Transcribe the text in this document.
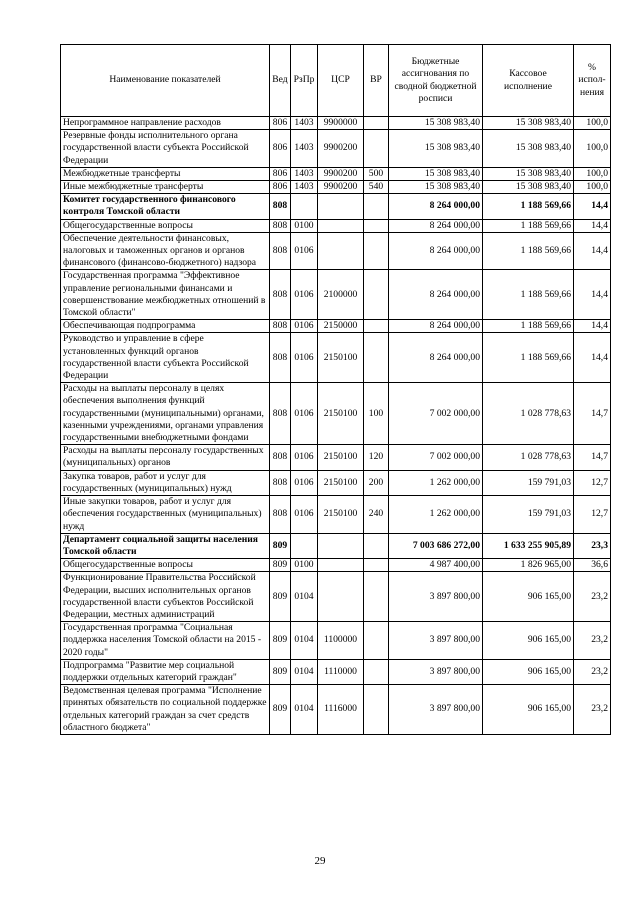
Наименование показателей	Вед	РзПр	ЦСР	ВР	Бюджетные ассигнования по сводной бюджетной росписи	Кассовое исполнение	% испол-нения
Непрограммное направление расходов	806	1403	9900000		15 308 983,40	15 308 983,40	100,0
Резервные фонды исполнительного органа государственной власти субъекта Российской Федерации	806	1403	9900200		15 308 983,40	15 308 983,40	100,0
Межбюджетные трансферты	806	1403	9900200	500	15 308 983,40	15 308 983,40	100,0
Иные межбюджетные трансферты	806	1403	9900200	540	15 308 983,40	15 308 983,40	100,0
Комитет государственного финансового контроля Томской области	808				8 264 000,00	1 188 569,66	14,4
Общегосударственные вопросы	808	0100			8 264 000,00	1 188 569,66	14,4
Обеспечение деятельности финансовых, налоговых и таможенных органов и органов финансового (финансово-бюджетного) надзора	808	0106			8 264 000,00	1 188 569,66	14,4
Государственная программа "Эффективное управление региональными финансами и совершенствование межбюджетных отношений в Томской области"	808	0106	2100000		8 264 000,00	1 188 569,66	14,4
Обеспечивающая подпрограмма	808	0106	2150000		8 264 000,00	1 188 569,66	14,4
Руководство и управление в сфере установленных функций органов государственной власти субъекта Российской Федерации	808	0106	2150100		8 264 000,00	1 188 569,66	14,4
Расходы на выплаты персоналу в целях обеспечения выполнения функций государственными (муниципальными) органами, казенными учреждениями, органами управления государственными внебюджетными фондами	808	0106	2150100	100	7 002 000,00	1 028 778,63	14,7
Расходы на выплаты персоналу государственных (муниципальных) органов	808	0106	2150100	120	7 002 000,00	1 028 778,63	14,7
Закупка товаров, работ и услуг для государственных (муниципальных) нужд	808	0106	2150100	200	1 262 000,00	159 791,03	12,7
Иные закупки товаров, работ и услуг для обеспечения государственных (муниципальных) нужд	808	0106	2150100	240	1 262 000,00	159 791,03	12,7
Департамент социальной защиты населения Томской области	809				7 003 686 272,00	1 633 255 905,89	23,3
Общегосударственные вопросы	809	0100			4 987 400,00	1 826 965,00	36,6
Функционирование Правительства Российской Федерации, высших исполнительных органов государственной власти субъектов Российской Федерации, местных администраций	809	0104			3 897 800,00	906 165,00	23,2
Государственная программа "Социальная поддержка населения Томской области на 2015 - 2020 годы"	809	0104	1100000		3 897 800,00	906 165,00	23,2
Подпрограмма "Развитие мер социальной поддержки отдельных категорий граждан"	809	0104	1110000		3 897 800,00	906 165,00	23,2
Ведомственная целевая программа "Исполнение принятых обязательств по социальной поддержке отдельных категорий граждан за счет средств областного бюджета"	809	0104	1116000		3 897 800,00	906 165,00	23,2
29
